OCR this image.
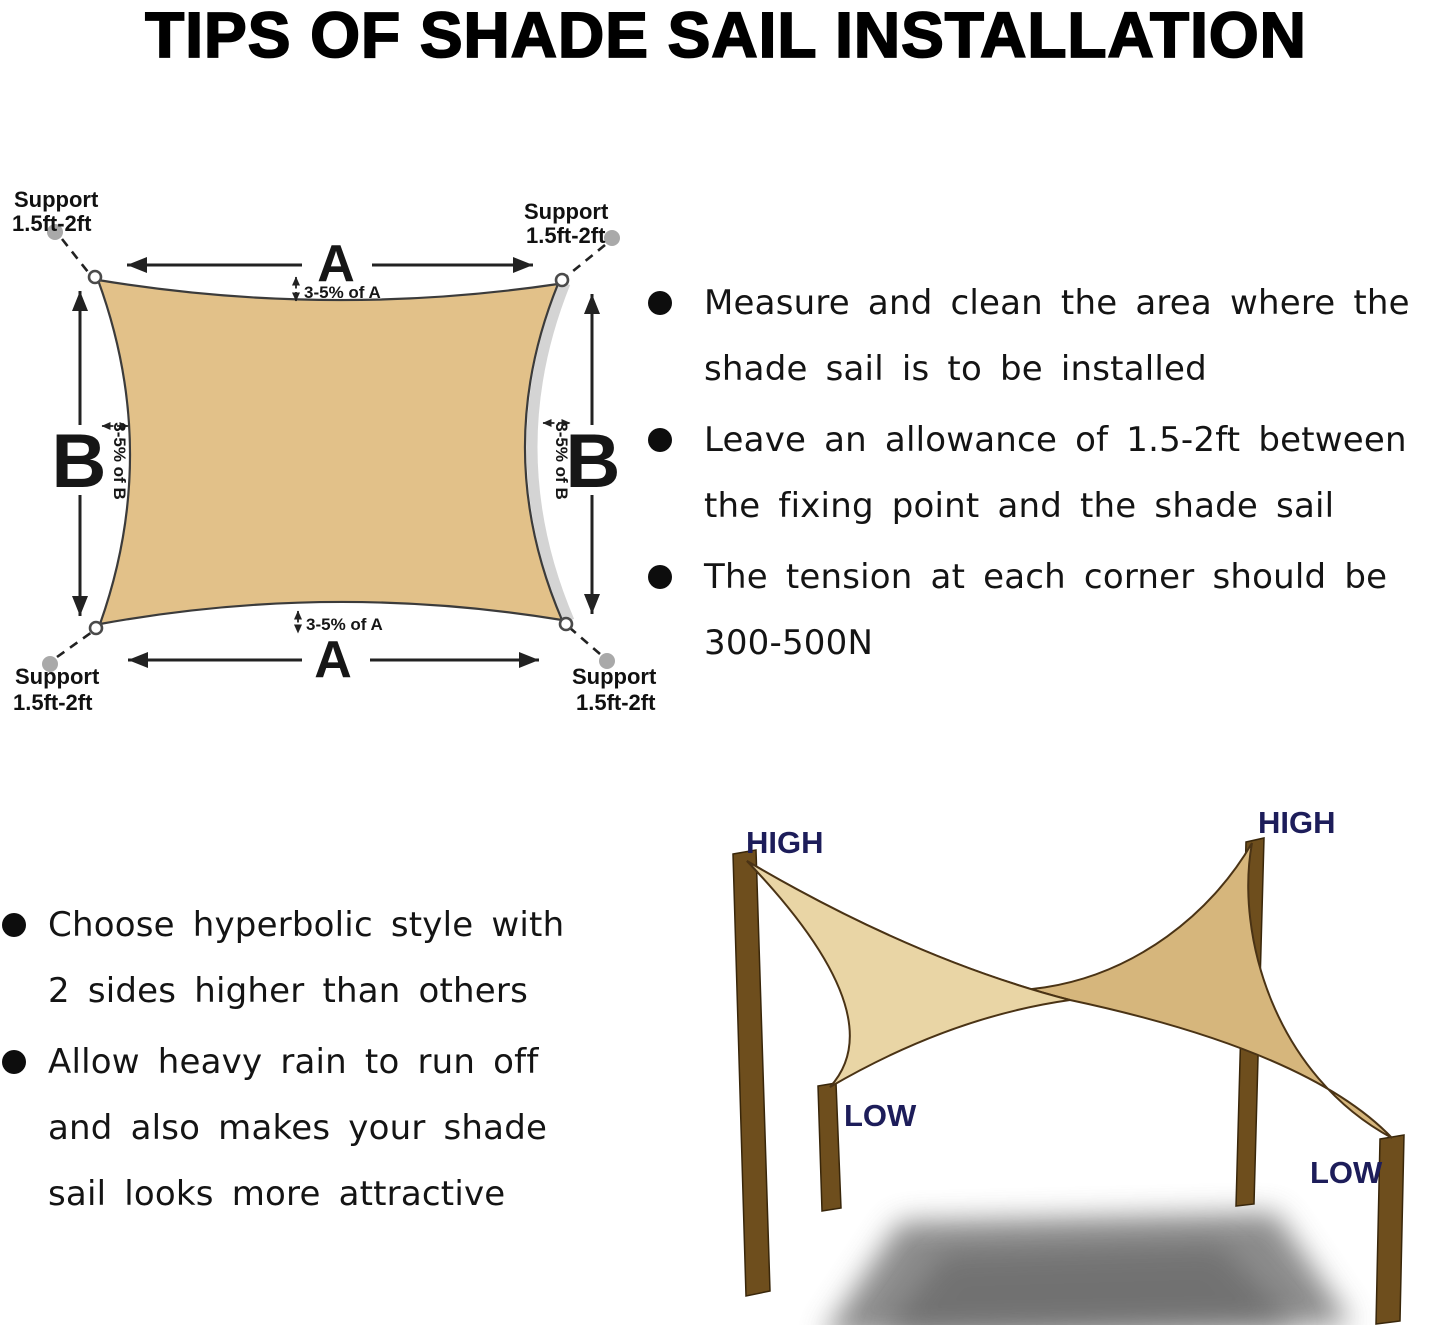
TIPS OF SHADE SAIL INSTALLATION
Support
1.5ft-2ft	Support
1.5ft-2ft
Support
1.5ft-2ft
Support
1.5ft-2ft
A
A
B	B
3-5% of A
3-5% of A
3-5% of B	3-5% of B
Measure and clean the area where the
shade sail is to be installed
Leave an allowance of 1.5-2ft between
the fixing point and the shade sail
The tension at each corner should be
300-500N
Choose hyperbolic style with
2 sides higher than others
Allow heavy rain to run off
and also makes your shade
sail looks more attractive
HIGH
HIGH
LOW
LOW
